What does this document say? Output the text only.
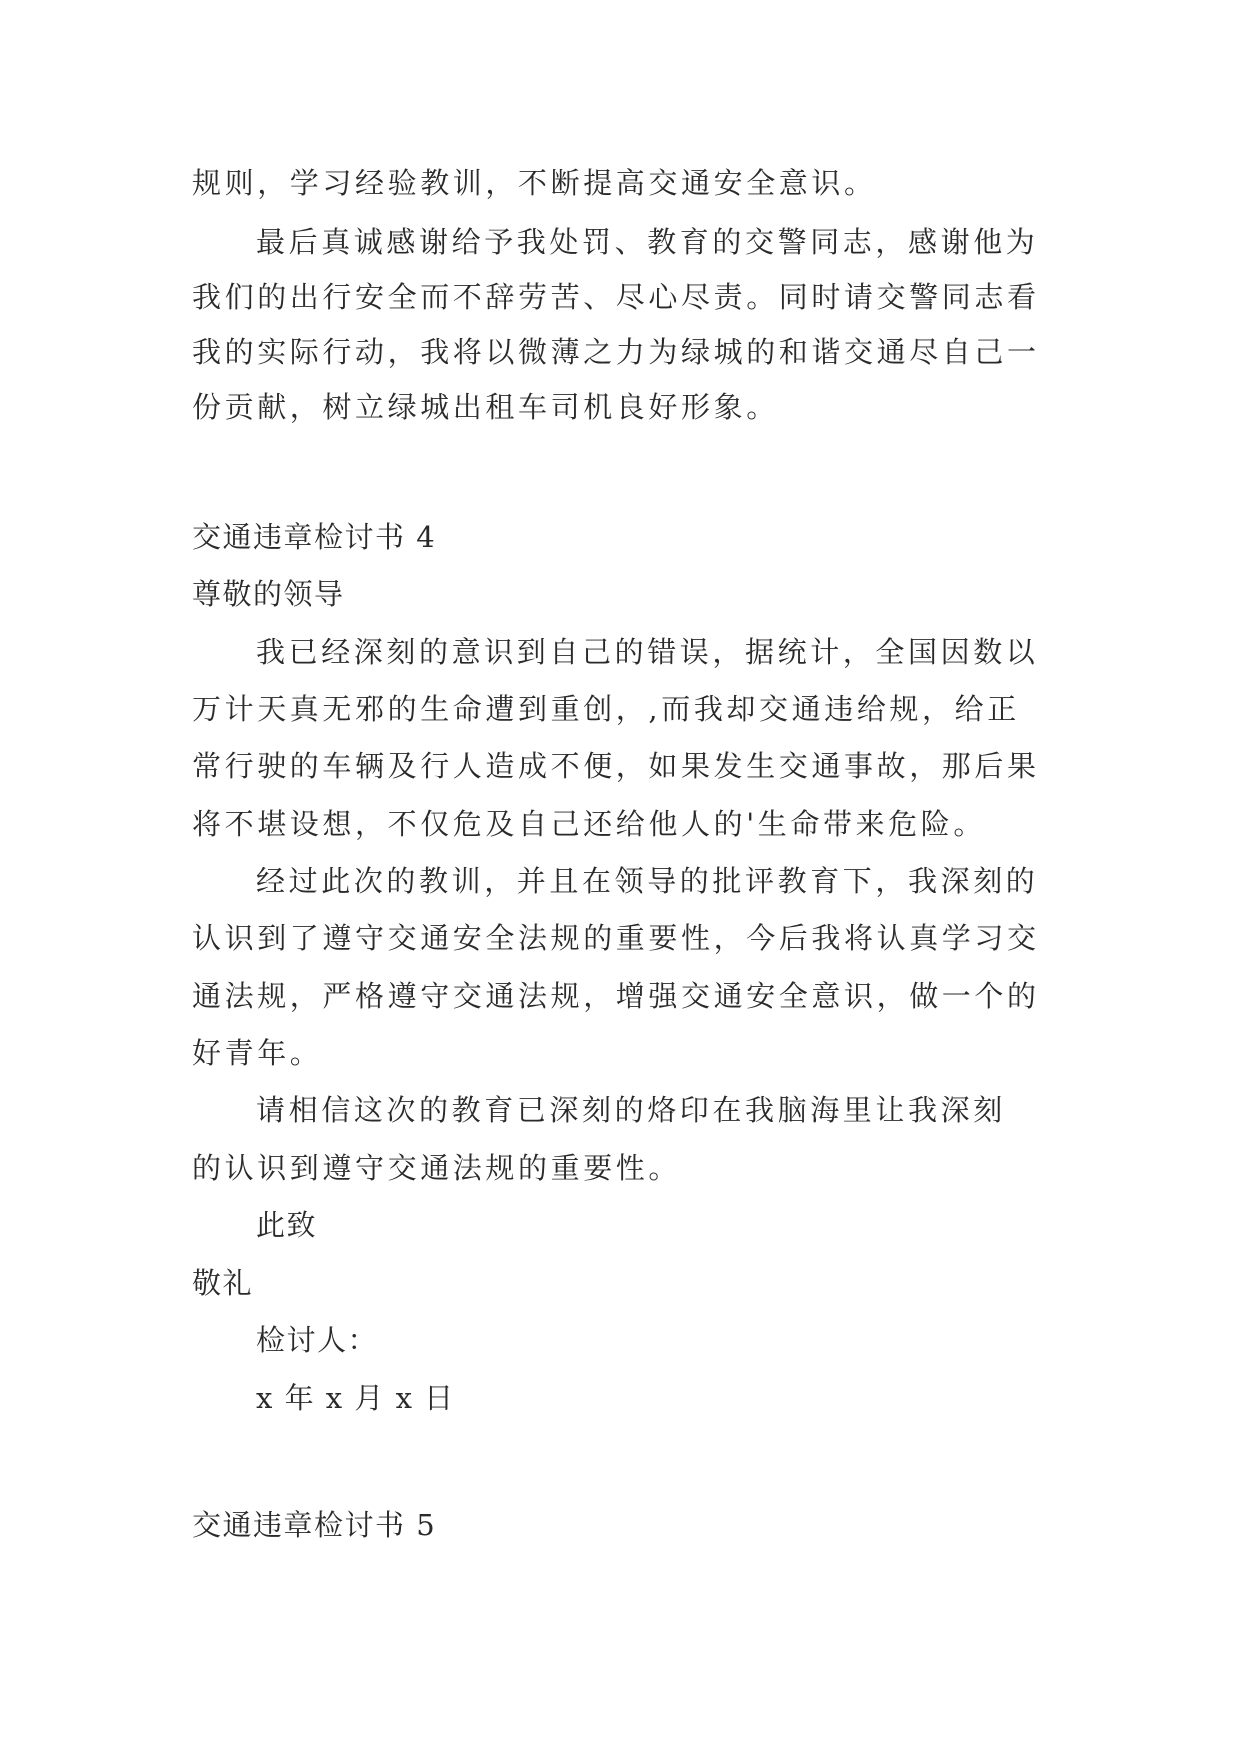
规则，学习经验教训，不断提高交通安全意识。
最后真诚感谢给予我处罚、教育的交警同志，感谢他为
我们的出行安全而不辞劳苦、尽心尽责。同时请交警同志看
我的实际行动，我将以微薄之力为绿城的和谐交通尽自己一
份贡献，树立绿城出租车司机良好形象。
交通违章检讨书 4
尊敬的领导
我已经深刻的意识到自己的错误，据统计，全国因数以
万计天真无邪的生命遭到重创，,而我却交通违给规，给正
常行驶的车辆及行人造成不便，如果发生交通事故，那后果
将不堪设想，不仅危及自己还给他人的'生命带来危险。
经过此次的教训，并且在领导的批评教育下，我深刻的
认识到了遵守交通安全法规的重要性，今后我将认真学习交
通法规，严格遵守交通法规，增强交通安全意识，做一个的
好青年。
请相信这次的教育已深刻的烙印在我脑海里让我深刻
的认识到遵守交通法规的重要性。
此致
敬礼
检讨人：
x 年 x 月 x 日
交通违章检讨书 5
